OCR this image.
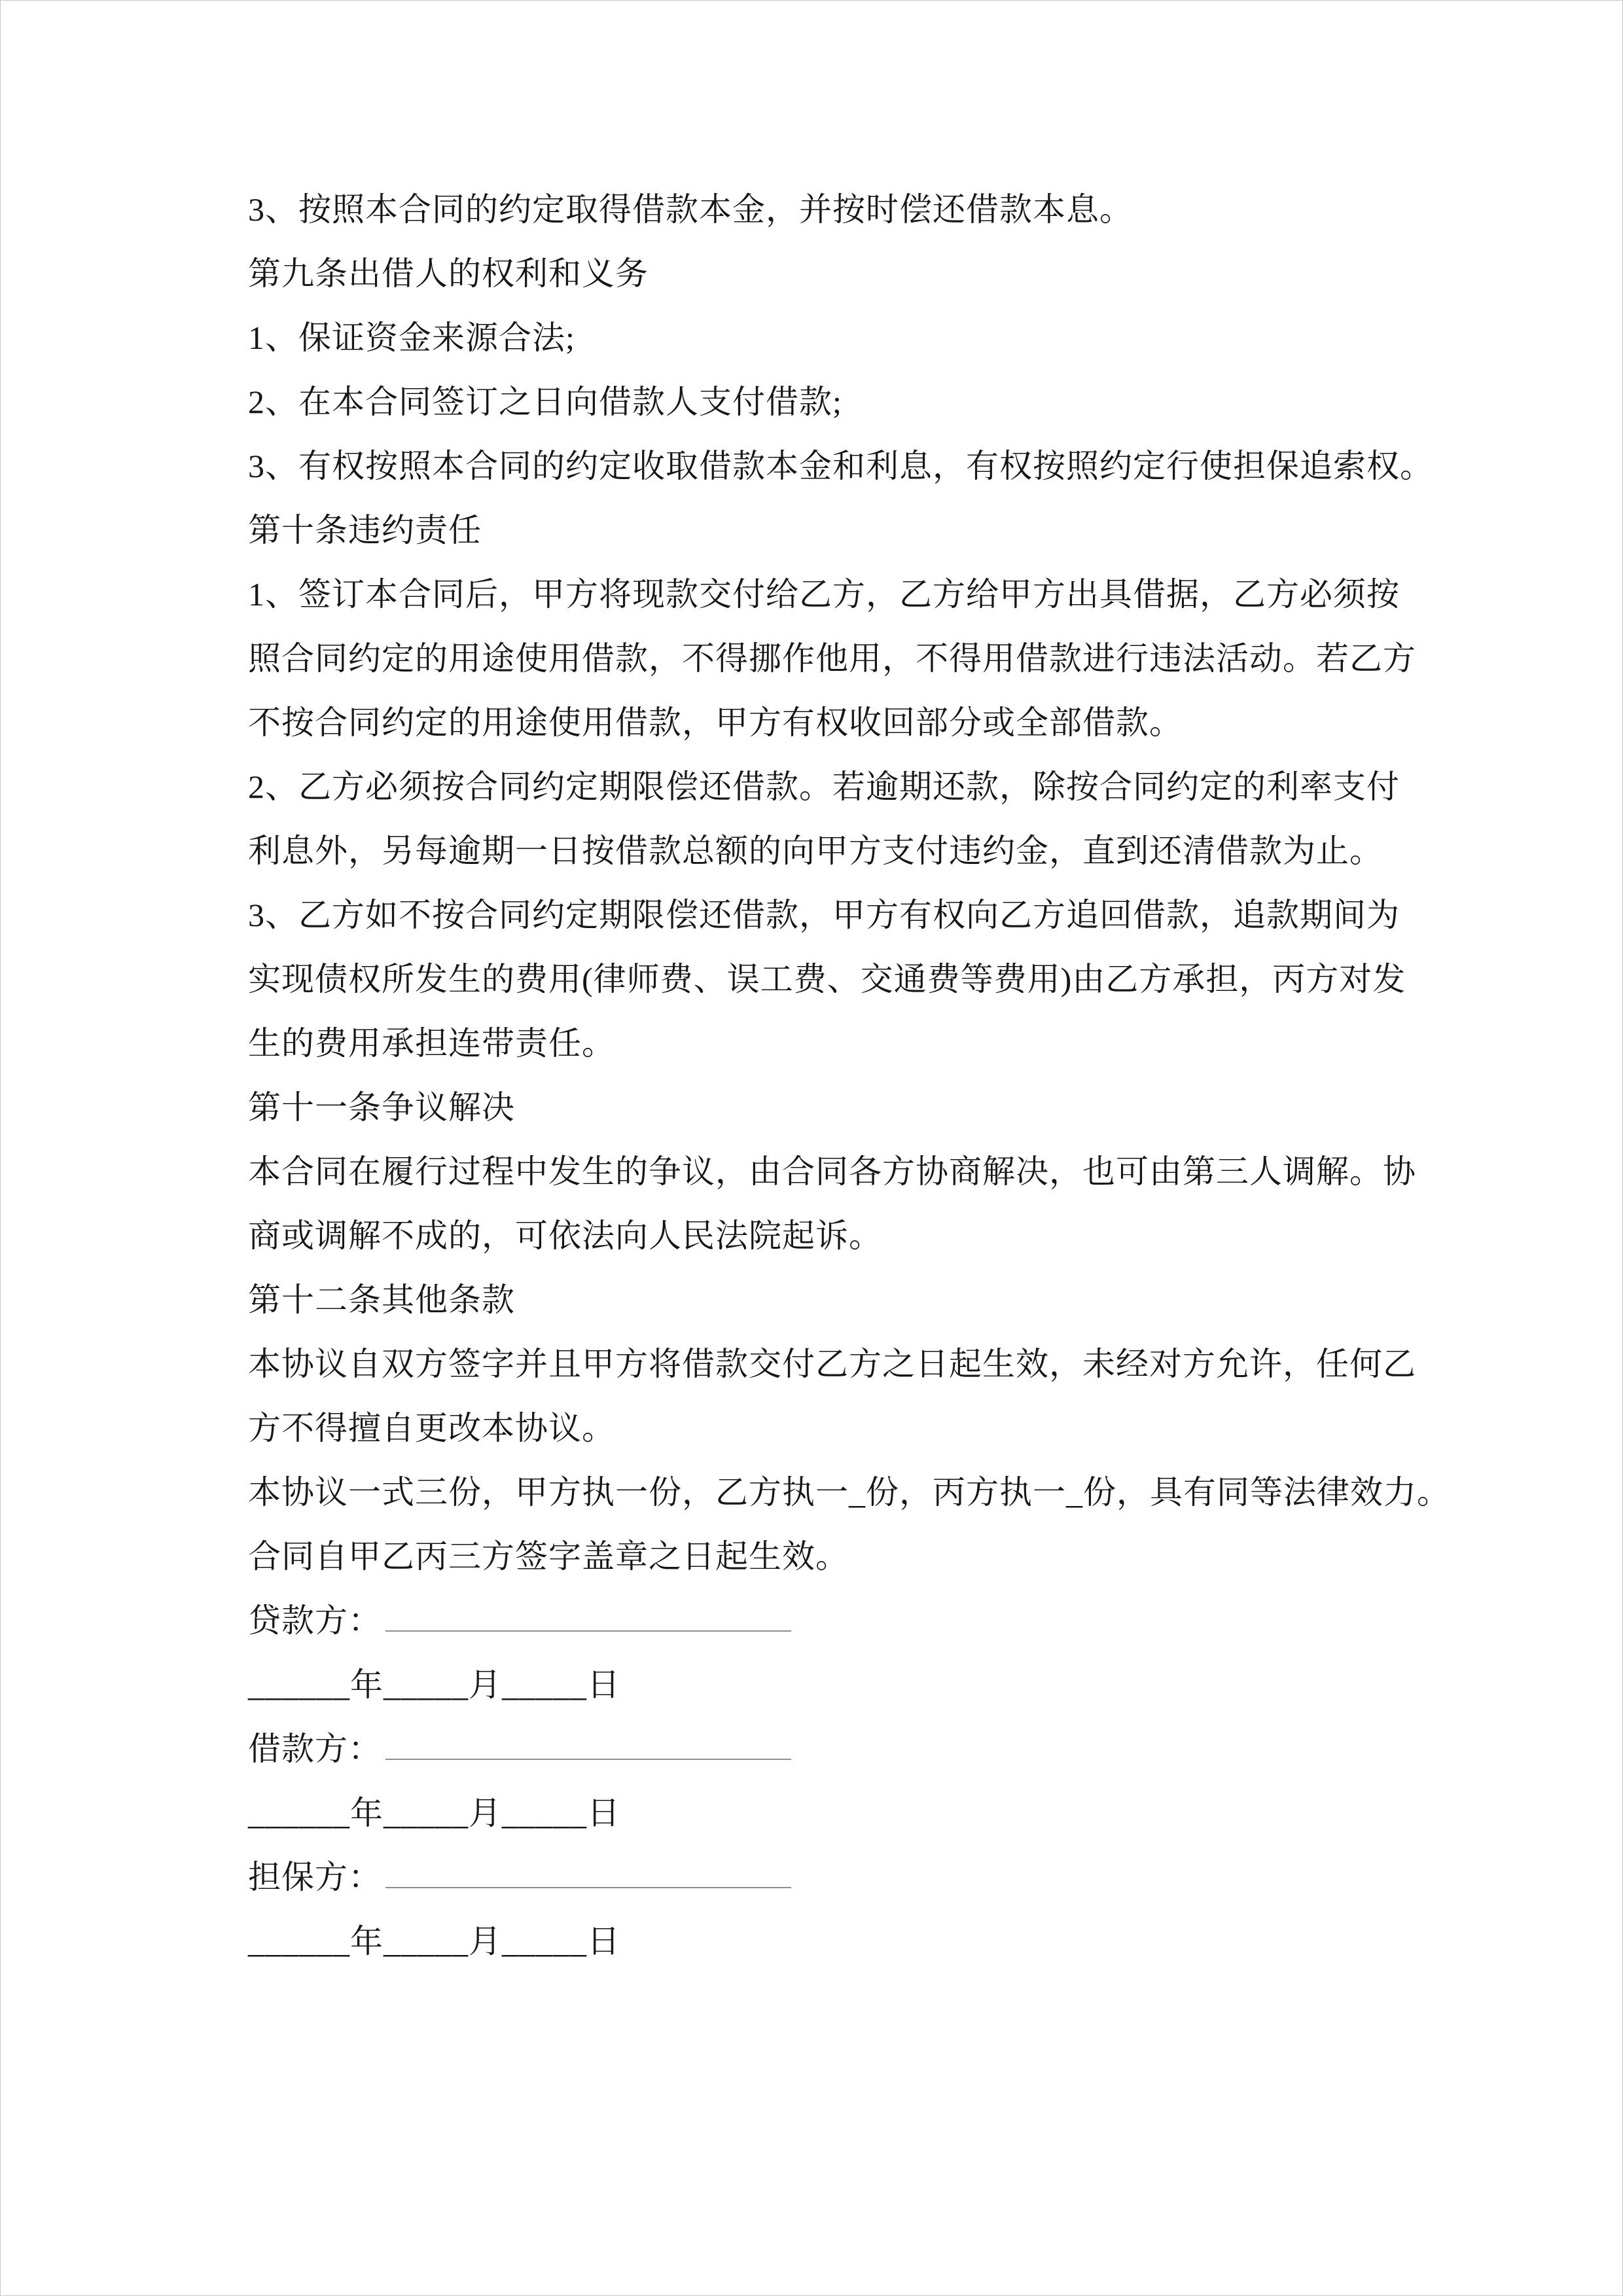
3、按照本合同的约定取得借款本金，并按时偿还借款本息。
第九条出借人的权利和义务
1、保证资金来源合法;
2、在本合同签订之日向借款人支付借款;
3、有权按照本合同的约定收取借款本金和利息，有权按照约定行使担保追索权。
第十条违约责任
1、签订本合同后，甲方将现款交付给乙方，乙方给甲方出具借据，乙方必须按
照合同约定的用途使用借款，不得挪作他用，不得用借款进行违法活动。若乙方
不按合同约定的用途使用借款，甲方有权收回部分或全部借款。
2、乙方必须按合同约定期限偿还借款。若逾期还款，除按合同约定的利率支付
利息外，另每逾期一日按借款总额的向甲方支付违约金，直到还清借款为止。
3、乙方如不按合同约定期限偿还借款，甲方有权向乙方追回借款，追款期间为
实现债权所发生的费用(律师费、误工费、交通费等费用)由乙方承担，丙方对发
生的费用承担连带责任。
第十一条争议解决
本合同在履行过程中发生的争议，由合同各方协商解决，也可由第三人调解。协
商或调解不成的，可依法向人民法院起诉。
第十二条其他条款
本协议自双方签字并且甲方将借款交付乙方之日起生效，未经对方允许，任何乙
方不得擅自更改本协议。
本协议一式三份，甲方执一份，乙方执一_份，丙方执一_份，具有同等法律效力。
合同自甲乙丙三方签字盖章之日起生效。
贷款方：
______年_____月_____日
借款方：
______年_____月_____日
担保方：
______年_____月_____日
